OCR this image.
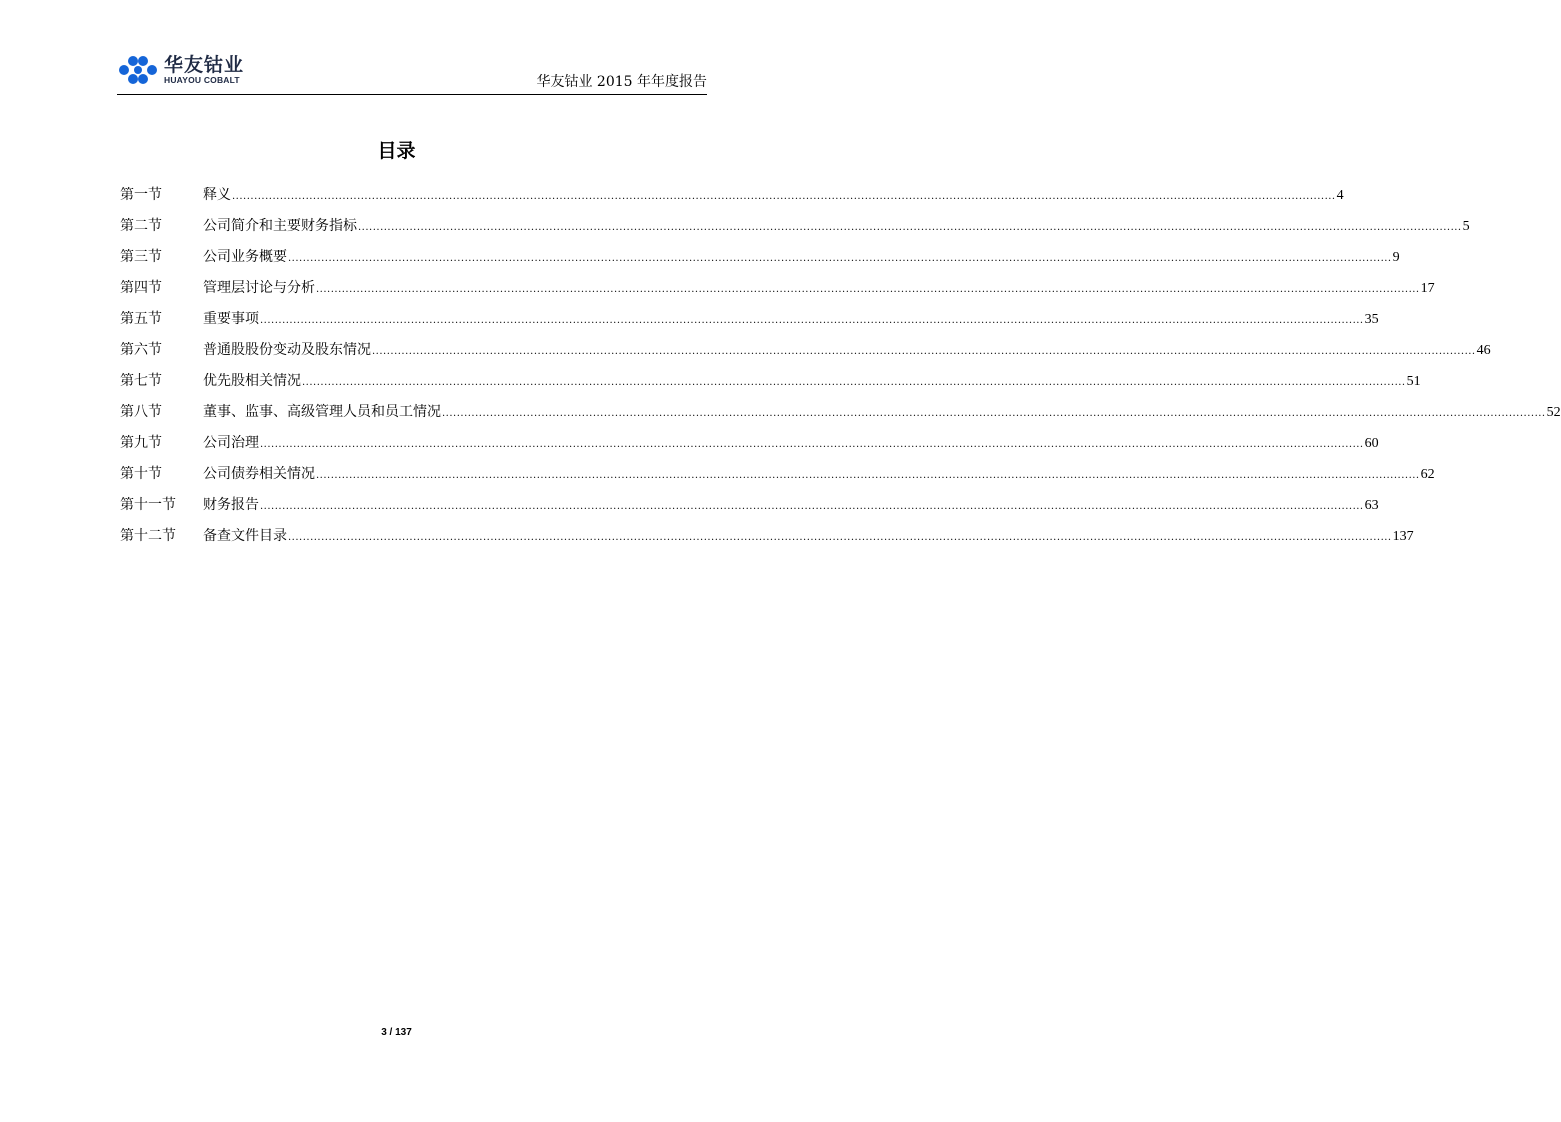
华友钴业
HUAYOU COBALT	华友钴业 2015 年年度报告
目录
第一节	释义 ............................................................................................................................................................................................................................................................................................................ 4
第二节	公司简介和主要财务指标 ............................................................................................................................................................................................................................................................................................................ 5
第三节	公司业务概要 ............................................................................................................................................................................................................................................................................................................ 9
第四节	管理层讨论与分析 ............................................................................................................................................................................................................................................................................................................ 17
第五节	重要事项 ............................................................................................................................................................................................................................................................................................................ 35
第六节	普通股股份变动及股东情况 ............................................................................................................................................................................................................................................................................................................ 46
第七节	优先股相关情况 ............................................................................................................................................................................................................................................................................................................ 51
第八节	董事、监事、高级管理人员和员工情况 ............................................................................................................................................................................................................................................................................................................ 52
第九节	公司治理 ............................................................................................................................................................................................................................................................................................................ 60
第十节	公司债券相关情况 ............................................................................................................................................................................................................................................................................................................ 62
第十一节	财务报告 ............................................................................................................................................................................................................................................................................................................ 63
第十二节	备查文件目录 ............................................................................................................................................................................................................................................................................................................ 137
3 / 137
